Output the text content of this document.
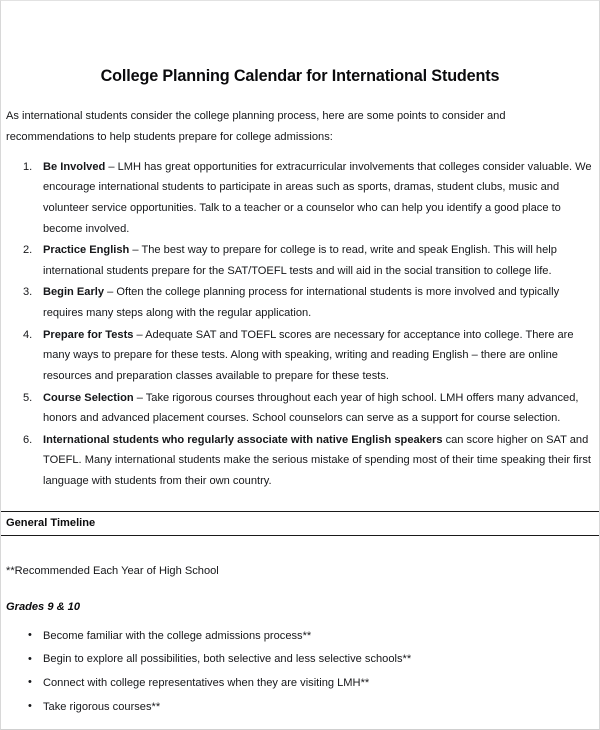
College Planning Calendar for International Students

As international students consider the college planning process, here are some points to consider and recommendations to help students prepare for college admissions:

Be Involved – LMH has great opportunities for extracurricular involvements that colleges consider valuable. We encourage international students to participate in areas such as sports, dramas, student clubs, music and volunteer service opportunities. Talk to a teacher or a counselor who can help you identify a good place to become involved.
Practice English – The best way to prepare for college is to read, write and speak English. This will help international students prepare for the SAT/TOEFL tests and will aid in the social transition to college life.
Begin Early – Often the college planning process for international students is more involved and typically requires many steps along with the regular application.
Prepare for Tests – Adequate SAT and TOEFL scores are necessary for acceptance into college. There are many ways to prepare for these tests. Along with speaking, writing and reading English – there are online resources and preparation classes available to prepare for these tests.
Course Selection – Take rigorous courses throughout each year of high school. LMH offers many advanced, honors and advanced placement courses. School counselors can serve as a support for course selection.
International students who regularly associate with native English speakers can score higher on SAT and TOEFL. Many international students make the serious mistake of spending most of their time speaking their first language with students from their own country.
General Timeline

**Recommended Each Year of High School

Grades 9 & 10

• Become familiar with the college admissions process**
• Begin to explore all possibilities, both selective and less selective schools**
• Connect with college representatives when they are visiting LMH**
• Take rigorous courses**
